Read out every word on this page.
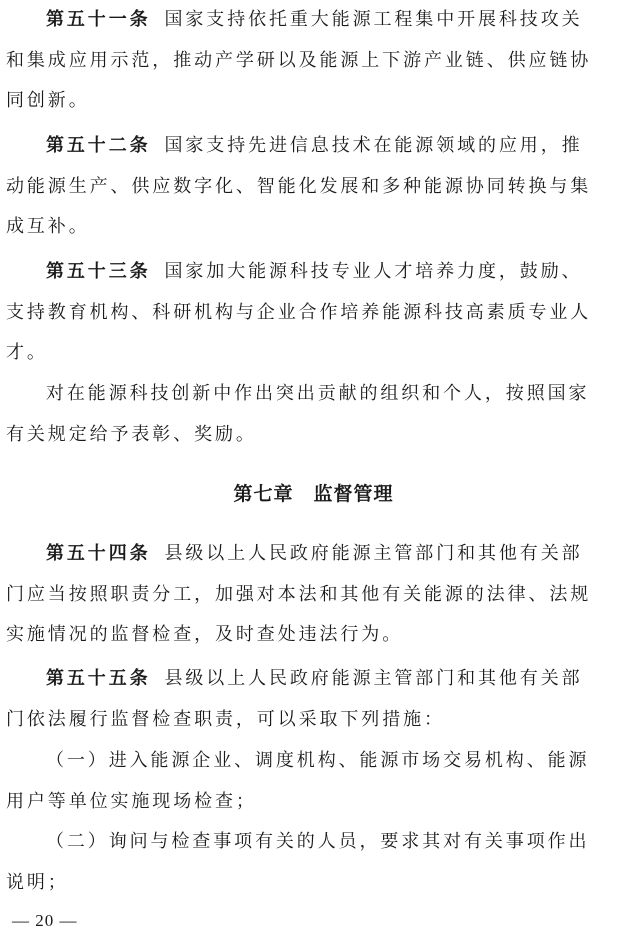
第五十一条 国家支持依托重大能源工程集中开展科技攻关
和集成应用示范，推动产学研以及能源上下游产业链、供应链协
同创新。
第五十二条 国家支持先进信息技术在能源领域的应用，推
动能源生产、供应数字化、智能化发展和多种能源协同转换与集
成互补。
第五十三条 国家加大能源科技专业人才培养力度，鼓励、
支持教育机构、科研机构与企业合作培养能源科技高素质专业人
才。
对在能源科技创新中作出突出贡献的组织和个人，按照国家
有关规定给予表彰、奖励。
第七章 监督管理
第五十四条 县级以上人民政府能源主管部门和其他有关部
门应当按照职责分工，加强对本法和其他有关能源的法律、法规
实施情况的监督检查，及时查处违法行为。
第五十五条 县级以上人民政府能源主管部门和其他有关部
门依法履行监督检查职责，可以采取下列措施：
（一）进入能源企业、调度机构、能源市场交易机构、能源
用户等单位实施现场检查；
（二）询问与检查事项有关的人员，要求其对有关事项作出
说明；
— 20 —
